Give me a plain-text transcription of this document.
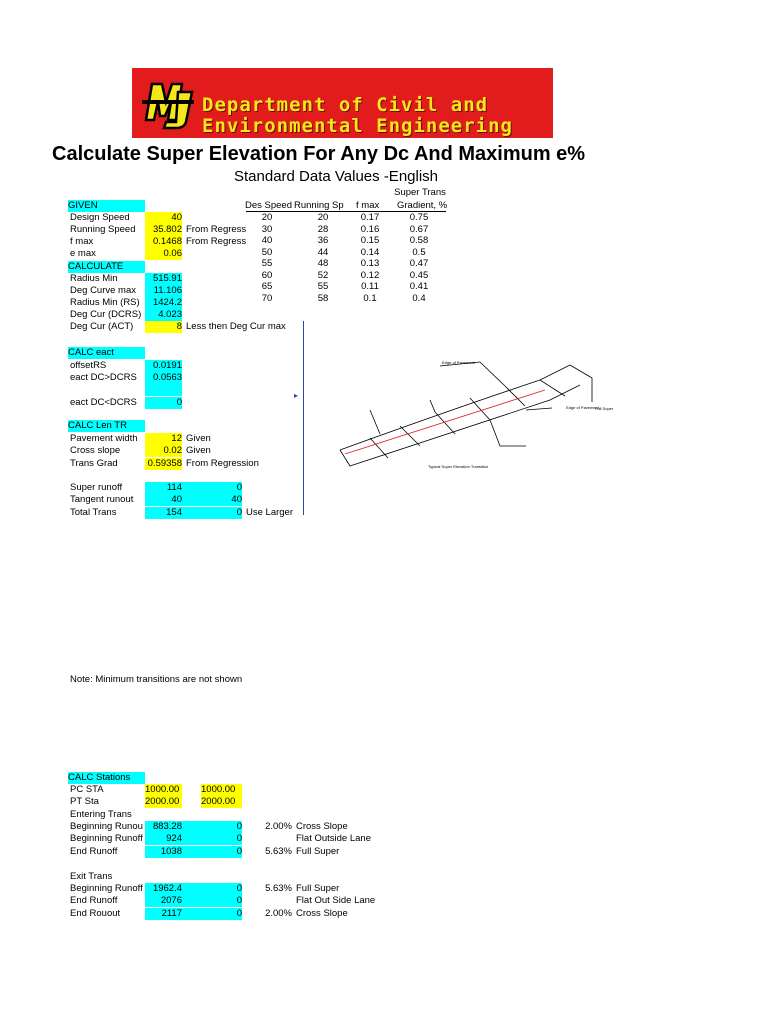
Department of Civil and
Environmental Engineering
Calculate Super Elevation For Any Dc And Maximum e%
Standard Data Values -English
GIVEN
Design Speed	40
Running Speed	35.802 From Regress
f max	0.1468 From Regress
e max	0.06
CALCULATE
Radius Min	515.91
Deg Curve max	11.106
Radius Min (RS)	1424.2
Deg Cur (DCRS)	4.023
Deg Cur (ACT)	8 Less then Deg Cur max
CALC eact
offsetRS	0.0191
eact DC>DCRS	0.0563
eact DC<DCRS	0
CALC Len TR
Pavement width	12 Given
Cross slope	0.02 Given
Trans Grad	0.59358 From Regression
Super runoff	114	0
Tangent runout	40	40
Total Trans	154	0 Use Larger
Super Trans
Des Speed Running Sp f max Gradient, %
20	20	0.17	0.75
30	28	0.16	0.67
40	36	0.15	0.58
50	44	0.14	0.5
55	48	0.13	0.47
60	52	0.12	0.45
65	55	0.11	0.41
70	58	0.1	0.4
▸
Edge of Pavement
Edge of Pavement
Full Super
Typical Super Elevation Transition
Note: Minimum transitions are not shown
CALC Stations
PC STA	1000.00 1000.00
PT Sta	2000.00 2000.00
Entering Trans
Beginning Runou	883.28	0	2.00% Cross Slope
Beginning Runoff	924	0	Flat Outside Lane
End Runoff	1038	0	5.63% Full Super
Exit Trans
Beginning Runoff	1962.4	0	5.63% Full Super
End Runoff	2076	0	Flat Out Side Lane
End Rouout	2117	0	2.00% Cross Slope
